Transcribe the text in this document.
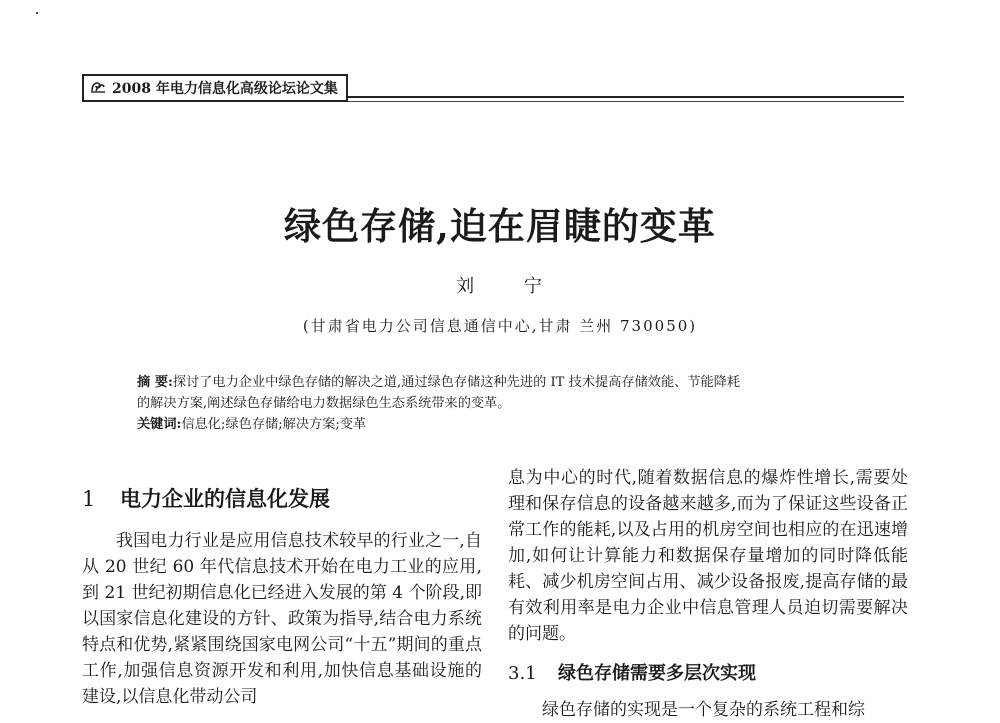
2008 年电力信息化高级论坛论文集
绿色存储,迫在眉睫的变革
刘 宁
(甘肃省电力公司信息通信中心,甘肃 兰州 730050)

摘 要:探讨了电力企业中绿色存储的解决之道,通过绿色存储这种先进的 IT 技术提高存储效能、节能降耗

的解决方案,阐述绿色存储给电力数据绿色生态系统带来的变革。

关键词:信息化;绿色存储;解决方案;变革

1 电力企业的信息化发展

我国电力行业是应用信息技术较早的行业之一,自从 20 世纪 60 年代信息技术开始在电力工业的应用,到 21 世纪初期信息化已经进入发展的第 4 个阶段,即以国家信息化建设的方针、政策为指导,结合电力系统特点和优势,紧紧围绕国家电网公司“十五”期间的重点工作,加强信息资源开发和利用,加快信息基础设施的建设,以信息化带动公司

息为中心的时代,随着数据信息的爆炸性增长,需要处理和保存信息的设备越来越多,而为了保证这些设备正常工作的能耗,以及占用的机房空间也相应的在迅速增加,如何让计算能力和数据保存量增加的同时降低能耗、减少机房空间占用、减少设备报废,提高存储的最有效利用率是电力企业中信息管理人员迫切需要解决的问题。

3.1 绿色存储需要多层次实现

绿色存储的实现是一个复杂的系统工程和综
